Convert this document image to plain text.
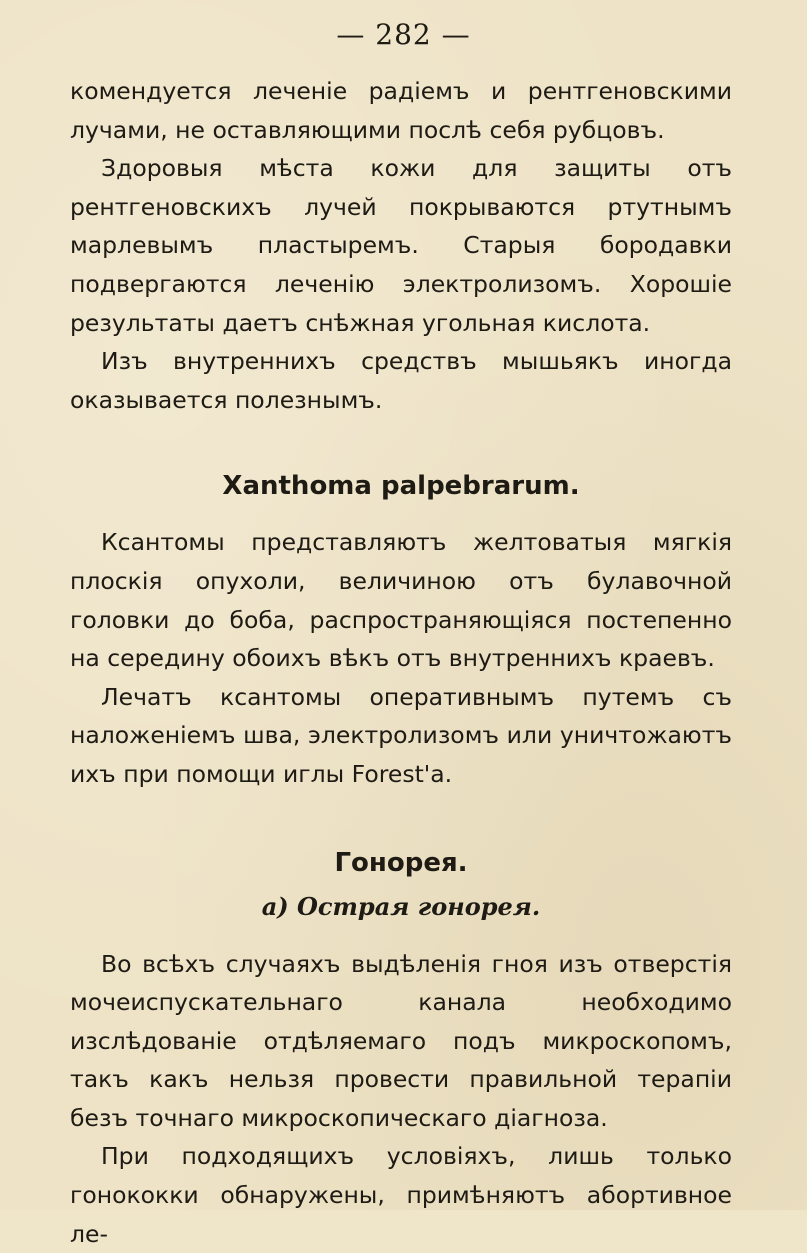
— 282 —

комендуется леченіе радіемъ и рентгеновскими лучами, не оставляющими послѣ себя рубцовъ.

Здоровыя мѣста кожи для защиты отъ рентгеновскихъ лучей покрываются ртутнымъ марлевымъ пластыремъ. Старыя бородавки подвергаются леченію электролизомъ. Хорошіе результаты даетъ снѣжная угольная кислота.

Изъ внутреннихъ средствъ мышьякъ иногда оказывается полезнымъ.

Xanthoma palpebrarum.

Ксантомы представляютъ желтоватыя мягкія плоскія опухоли, величиною отъ булавочной головки до боба, распространяющіяся постепенно на середину обоихъ вѣкъ отъ внутреннихъ краевъ.

Лечатъ ксантомы оперативнымъ путемъ съ наложеніемъ шва, электролизомъ или уничтожаютъ ихъ при помощи иглы Forest'a.

Гонорея.
а) Острая гонорея.

Во всѣхъ случаяхъ выдѣленія гноя изъ отверстія мочеиспускательнаго канала необходимо изслѣдованіе отдѣляемаго подъ микроскопомъ, такъ какъ нельзя провести правильной терапіи безъ точнаго микроскопическаго діагноза.

При подходящихъ условіяхъ, лишь только гонококки обнаружены, примѣняютъ абортивное ле-
